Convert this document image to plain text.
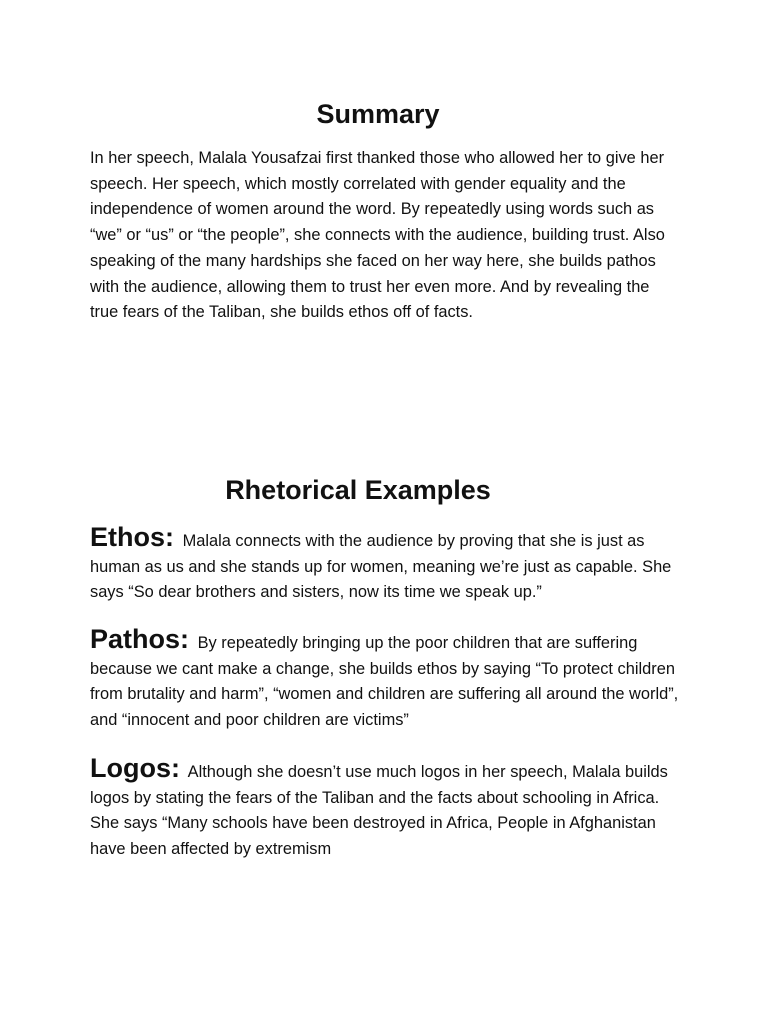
Summary

In her speech, Malala Yousafzai first thanked those who allowed her to give her speech. Her speech, which mostly correlated with gender equality and the independence of women around the word. By repeatedly using words such as “we” or “us” or “the people”, she connects with the audience, building trust. Also speaking of the many hardships she faced on her way here, she builds pathos with the audience, allowing them to trust her even more. And by revealing the true fears of the Taliban, she builds ethos off of facts.

Rhetorical Examples

Ethos: Malala connects with the audience by proving that she is just as human as us and she stands up for women, meaning we’re just as capable. She says “So dear brothers and sisters, now its time we speak up.”

Pathos: By repeatedly bringing up the poor children that are suffering because we cant make a change, she builds ethos by saying “To protect children from brutality and harm”, “women and children are suffering all around the world”, and “innocent and poor children are victims”

Logos: Although she doesn’t use much logos in her speech, Malala builds logos by stating the fears of the Taliban and the facts about schooling in Africa. She says “Many schools have been destroyed in Africa, People in Afghanistan have been affected by extremism
